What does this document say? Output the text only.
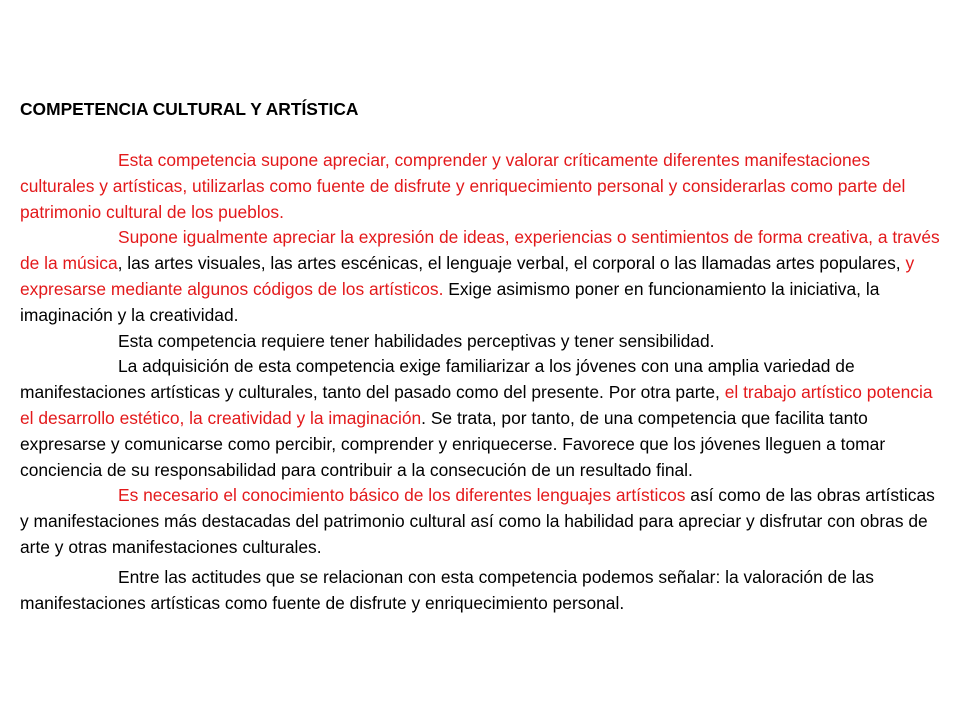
COMPETENCIA CULTURAL Y ARTÍSTICA

Esta competencia supone apreciar, comprender y valorar críticamente diferentes manifestaciones culturales y artísticas, utilizarlas como fuente de disfrute y enriquecimiento personal y considerarlas como parte del patrimonio cultural de los pueblos.

Supone igualmente apreciar la expresión de ideas, experiencias o sentimientos de forma creativa, a través de la música, las artes visuales, las artes escénicas, el lenguaje verbal, el corporal o las llamadas artes populares, y expresarse mediante algunos códigos de los artísticos. Exige asimismo poner en funcionamiento la iniciativa, la imaginación y la creatividad.

Esta competencia requiere tener habilidades perceptivas y tener sensibilidad.

La adquisición de esta competencia exige familiarizar a los jóvenes con una amplia variedad de manifestaciones artísticas y culturales, tanto del pasado como del presente. Por otra parte, el trabajo artístico potencia el desarrollo estético, la creatividad y la imaginación. Se trata, por tanto, de una competencia que facilita tanto expresarse y comunicarse como percibir, comprender y enriquecerse. Favorece que los jóvenes lleguen a tomar conciencia de su responsabilidad para contribuir a la consecución de un resultado final.

Es necesario el conocimiento básico de los diferentes lenguajes artísticos así como de las obras artísticas y manifestaciones más destacadas del patrimonio cultural así como la habilidad para apreciar y disfrutar con obras de arte y otras manifestaciones culturales.

Entre las actitudes que se relacionan con esta competencia podemos señalar: la valoración de las manifestaciones artísticas como fuente de disfrute y enriquecimiento personal.
